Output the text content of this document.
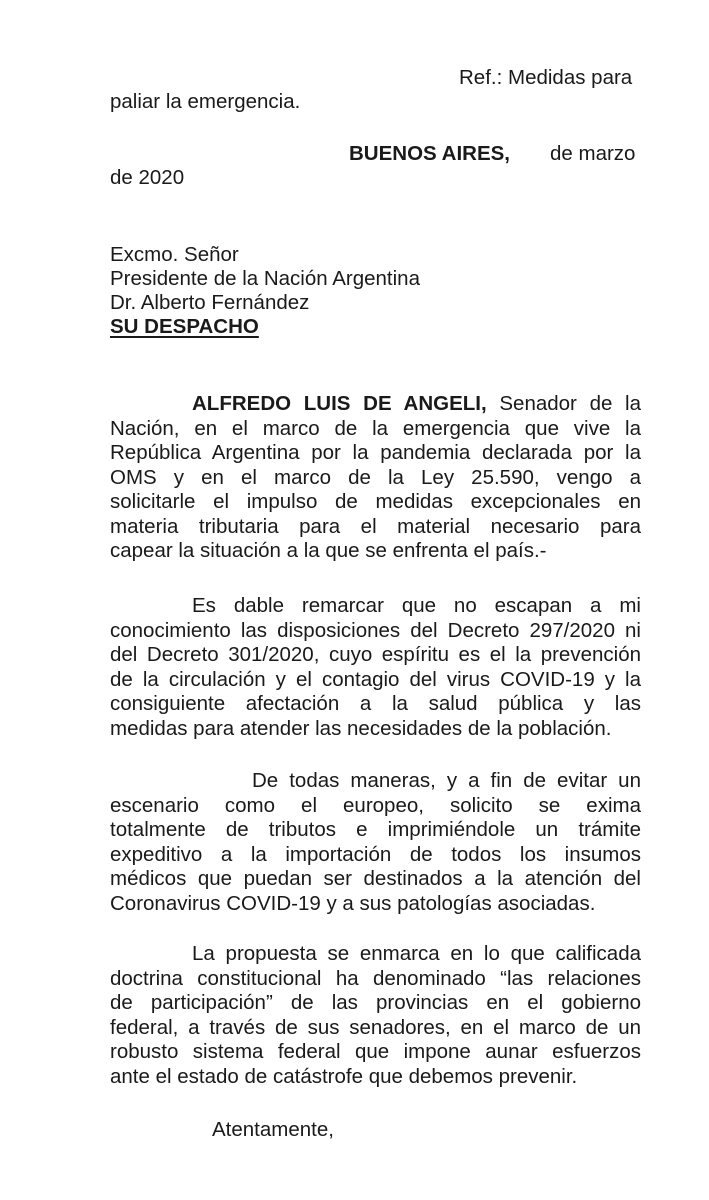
Ref.: Medidas para
paliar la emergencia.
BUENOS AIRES, de marzo
de 2020
Excmo. Señor
Presidente de la Nación Argentina
Dr. Alberto Fernández
SU DESPACHO
ALFREDO LUIS DE ANGELI, Senador de la
Nación, en el marco de la emergencia que vive la
República Argentina por la pandemia declarada por la
OMS y en el marco de la Ley 25.590, vengo a
solicitarle el impulso de medidas excepcionales en
materia tributaria para el material necesario para
capear la situación a la que se enfrenta el país.-
Es dable remarcar que no escapan a mi
conocimiento las disposiciones del Decreto 297/2020 ni
del Decreto 301/2020, cuyo espíritu es el la prevención
de la circulación y el contagio del virus COVID-19 y la
consiguiente afectación a la salud pública y las
medidas para atender las necesidades de la población.
De todas maneras, y a fin de evitar un
escenario como el europeo, solicito se exima
totalmente de tributos e imprimiéndole un trámite
expeditivo a la importación de todos los insumos
médicos que puedan ser destinados a la atención del
Coronavirus COVID-19 y a sus patologías asociadas.
La propuesta se enmarca en lo que calificada
doctrina constitucional ha denominado “las relaciones
de participación” de las provincias en el gobierno
federal, a través de sus senadores, en el marco de un
robusto sistema federal que impone aunar esfuerzos
ante el estado de catástrofe que debemos prevenir.
Atentamente,
